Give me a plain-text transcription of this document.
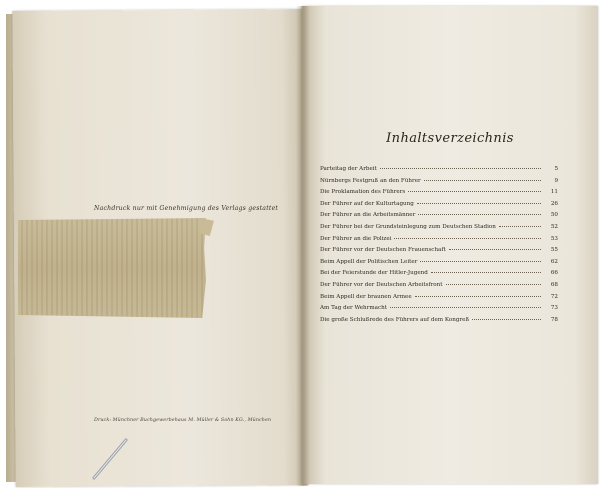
Nachdruck nur mit Genehmigung des Verlags gestattet
Druck: Münchner Buchgewerbehaus M. Müller & Sohn KG., München
Inhaltsverzeichnis
Parteitag der Arbeit	5
Nürnbergs Festgruß an den Führer	9
Die Proklamation des Führers	11
Der Führer auf der Kulturtagung	26
Der Führer an die Arbeitsmänner	50
Der Führer bei der Grundsteinlegung zum Deutschen Stadion	52
Der Führer an die Polizei	53
Der Führer vor der Deutschen Frauenschaft	55
Beim Appell der Politischen Leiter	62
Bei der Feierstunde der Hitler-Jugend	66
Der Führer vor der Deutschen Arbeitsfront	68
Beim Appell der braunen Armee	72
Am Tag der Wehrmacht	73
Die große Schlußrede des Führers auf dem Kongreß	78
